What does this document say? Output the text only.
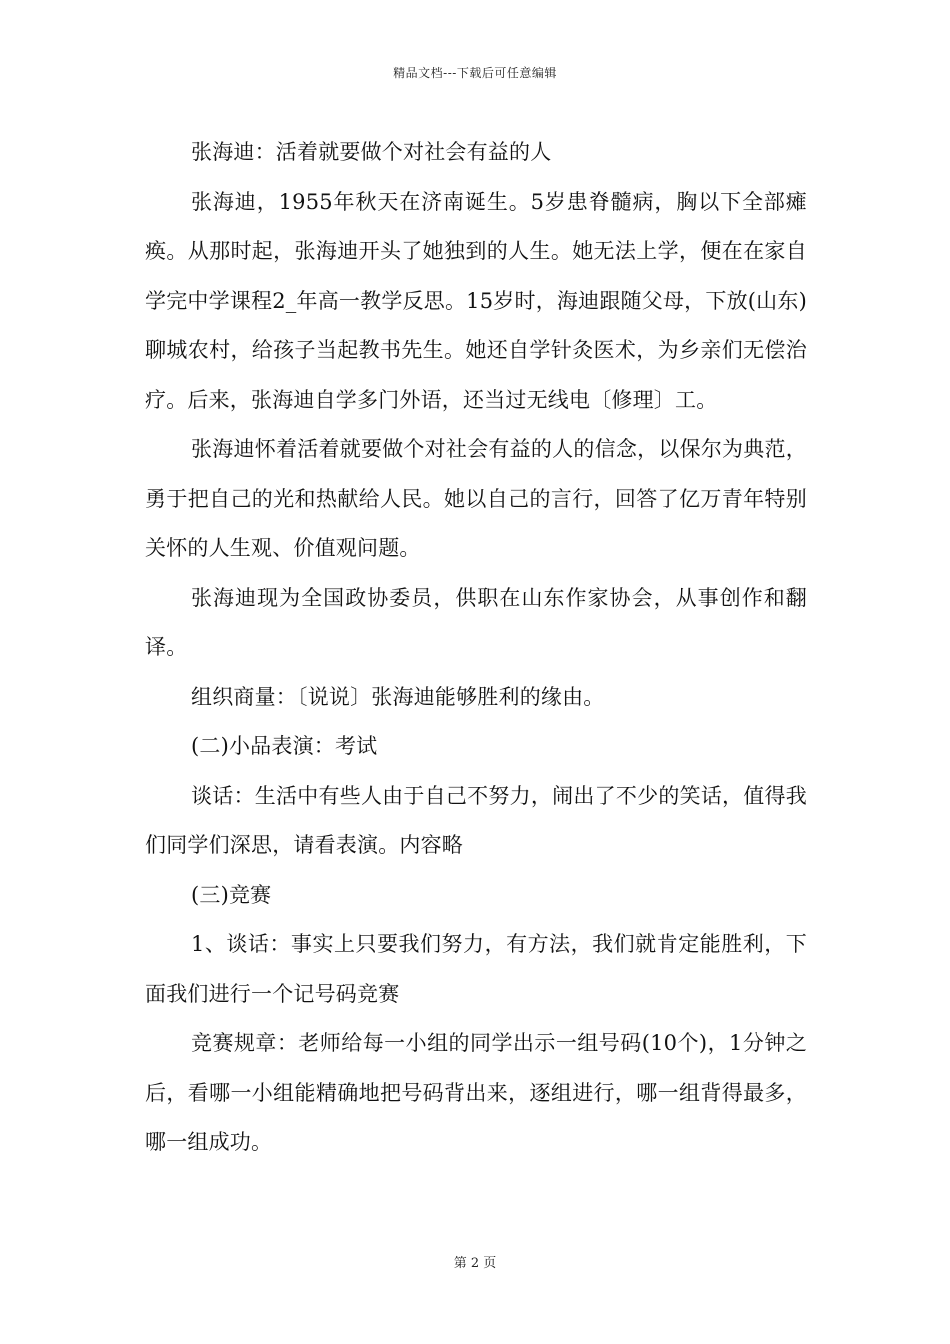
精品文档---下载后可任意编辑

张海迪：活着就要做个对社会有益的人

张海迪，1955年秋天在济南诞生。5岁患脊髓病，胸以下全部瘫痪。从那时起，张海迪开头了她独到的人生。她无法上学，便在在家自学完中学课程2_年高一教学反思。15岁时，海迪跟随父母，下放(山东)聊城农村，给孩子当起教书先生。她还自学针灸医术，为乡亲们无偿治疗。后来，张海迪自学多门外语，还当过无线电〔修理〕工。

张海迪怀着活着就要做个对社会有益的人的信念，以保尔为典范，勇于把自己的光和热献给人民。她以自己的言行，回答了亿万青年特别关怀的人生观、价值观问题。

张海迪现为全国政协委员，供职在山东作家协会，从事创作和翻译。

组织商量：〔说说〕张海迪能够胜利的缘由。

(二)小品表演：考试

谈话：生活中有些人由于自己不努力，闹出了不少的笑话，值得我们同学们深思，请看表演。内容略

(三)竞赛

1、谈话：事实上只要我们努力，有方法，我们就肯定能胜利，下面我们进行一个记号码竞赛

竞赛规章：老师给每一小组的同学出示一组号码(10个)，1分钟之后，看哪一小组能精确地把号码背出来，逐组进行，哪一组背得最多，哪一组成功。

第 2 页
